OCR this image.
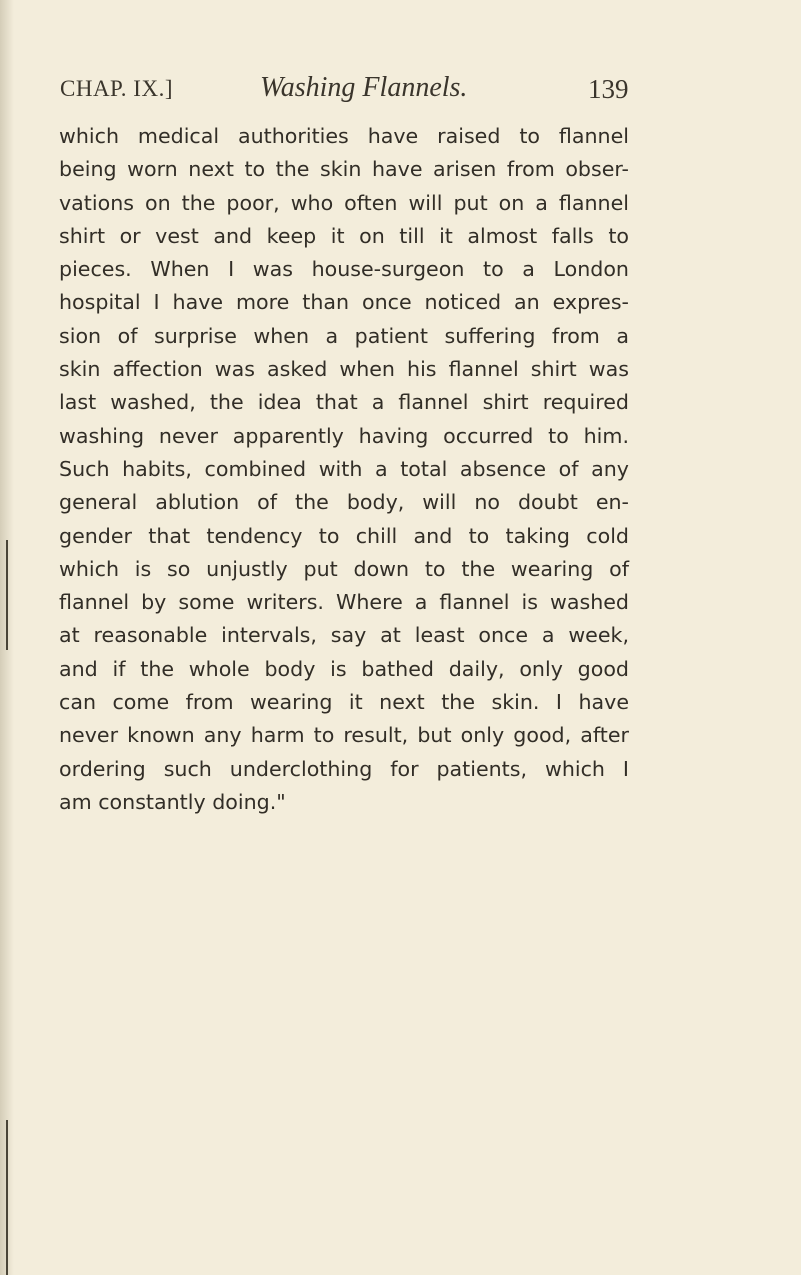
CHAP. IX.]	Washing Flannels.	139
which medical authorities have raised to flannel
being worn next to the skin have arisen from obser-
vations on the poor, who often will put on a flannel
shirt or vest and keep it on till it almost falls to
pieces. When I was house-surgeon to a London
hospital I have more than once noticed an expres-
sion of surprise when a patient suffering from a
skin affection was asked when his flannel shirt was
last washed, the idea that a flannel shirt required
washing never apparently having occurred to him.
Such habits, combined with a total absence of any
general ablution of the body, will no doubt en-
gender that tendency to chill and to taking cold
which is so unjustly put down to the wearing of
flannel by some writers. Where a flannel is washed
at reasonable intervals, say at least once a week,
and if the whole body is bathed daily, only good
can come from wearing it next the skin. I have
never known any harm to result, but only good, after
ordering such underclothing for patients, which I
am constantly doing."
